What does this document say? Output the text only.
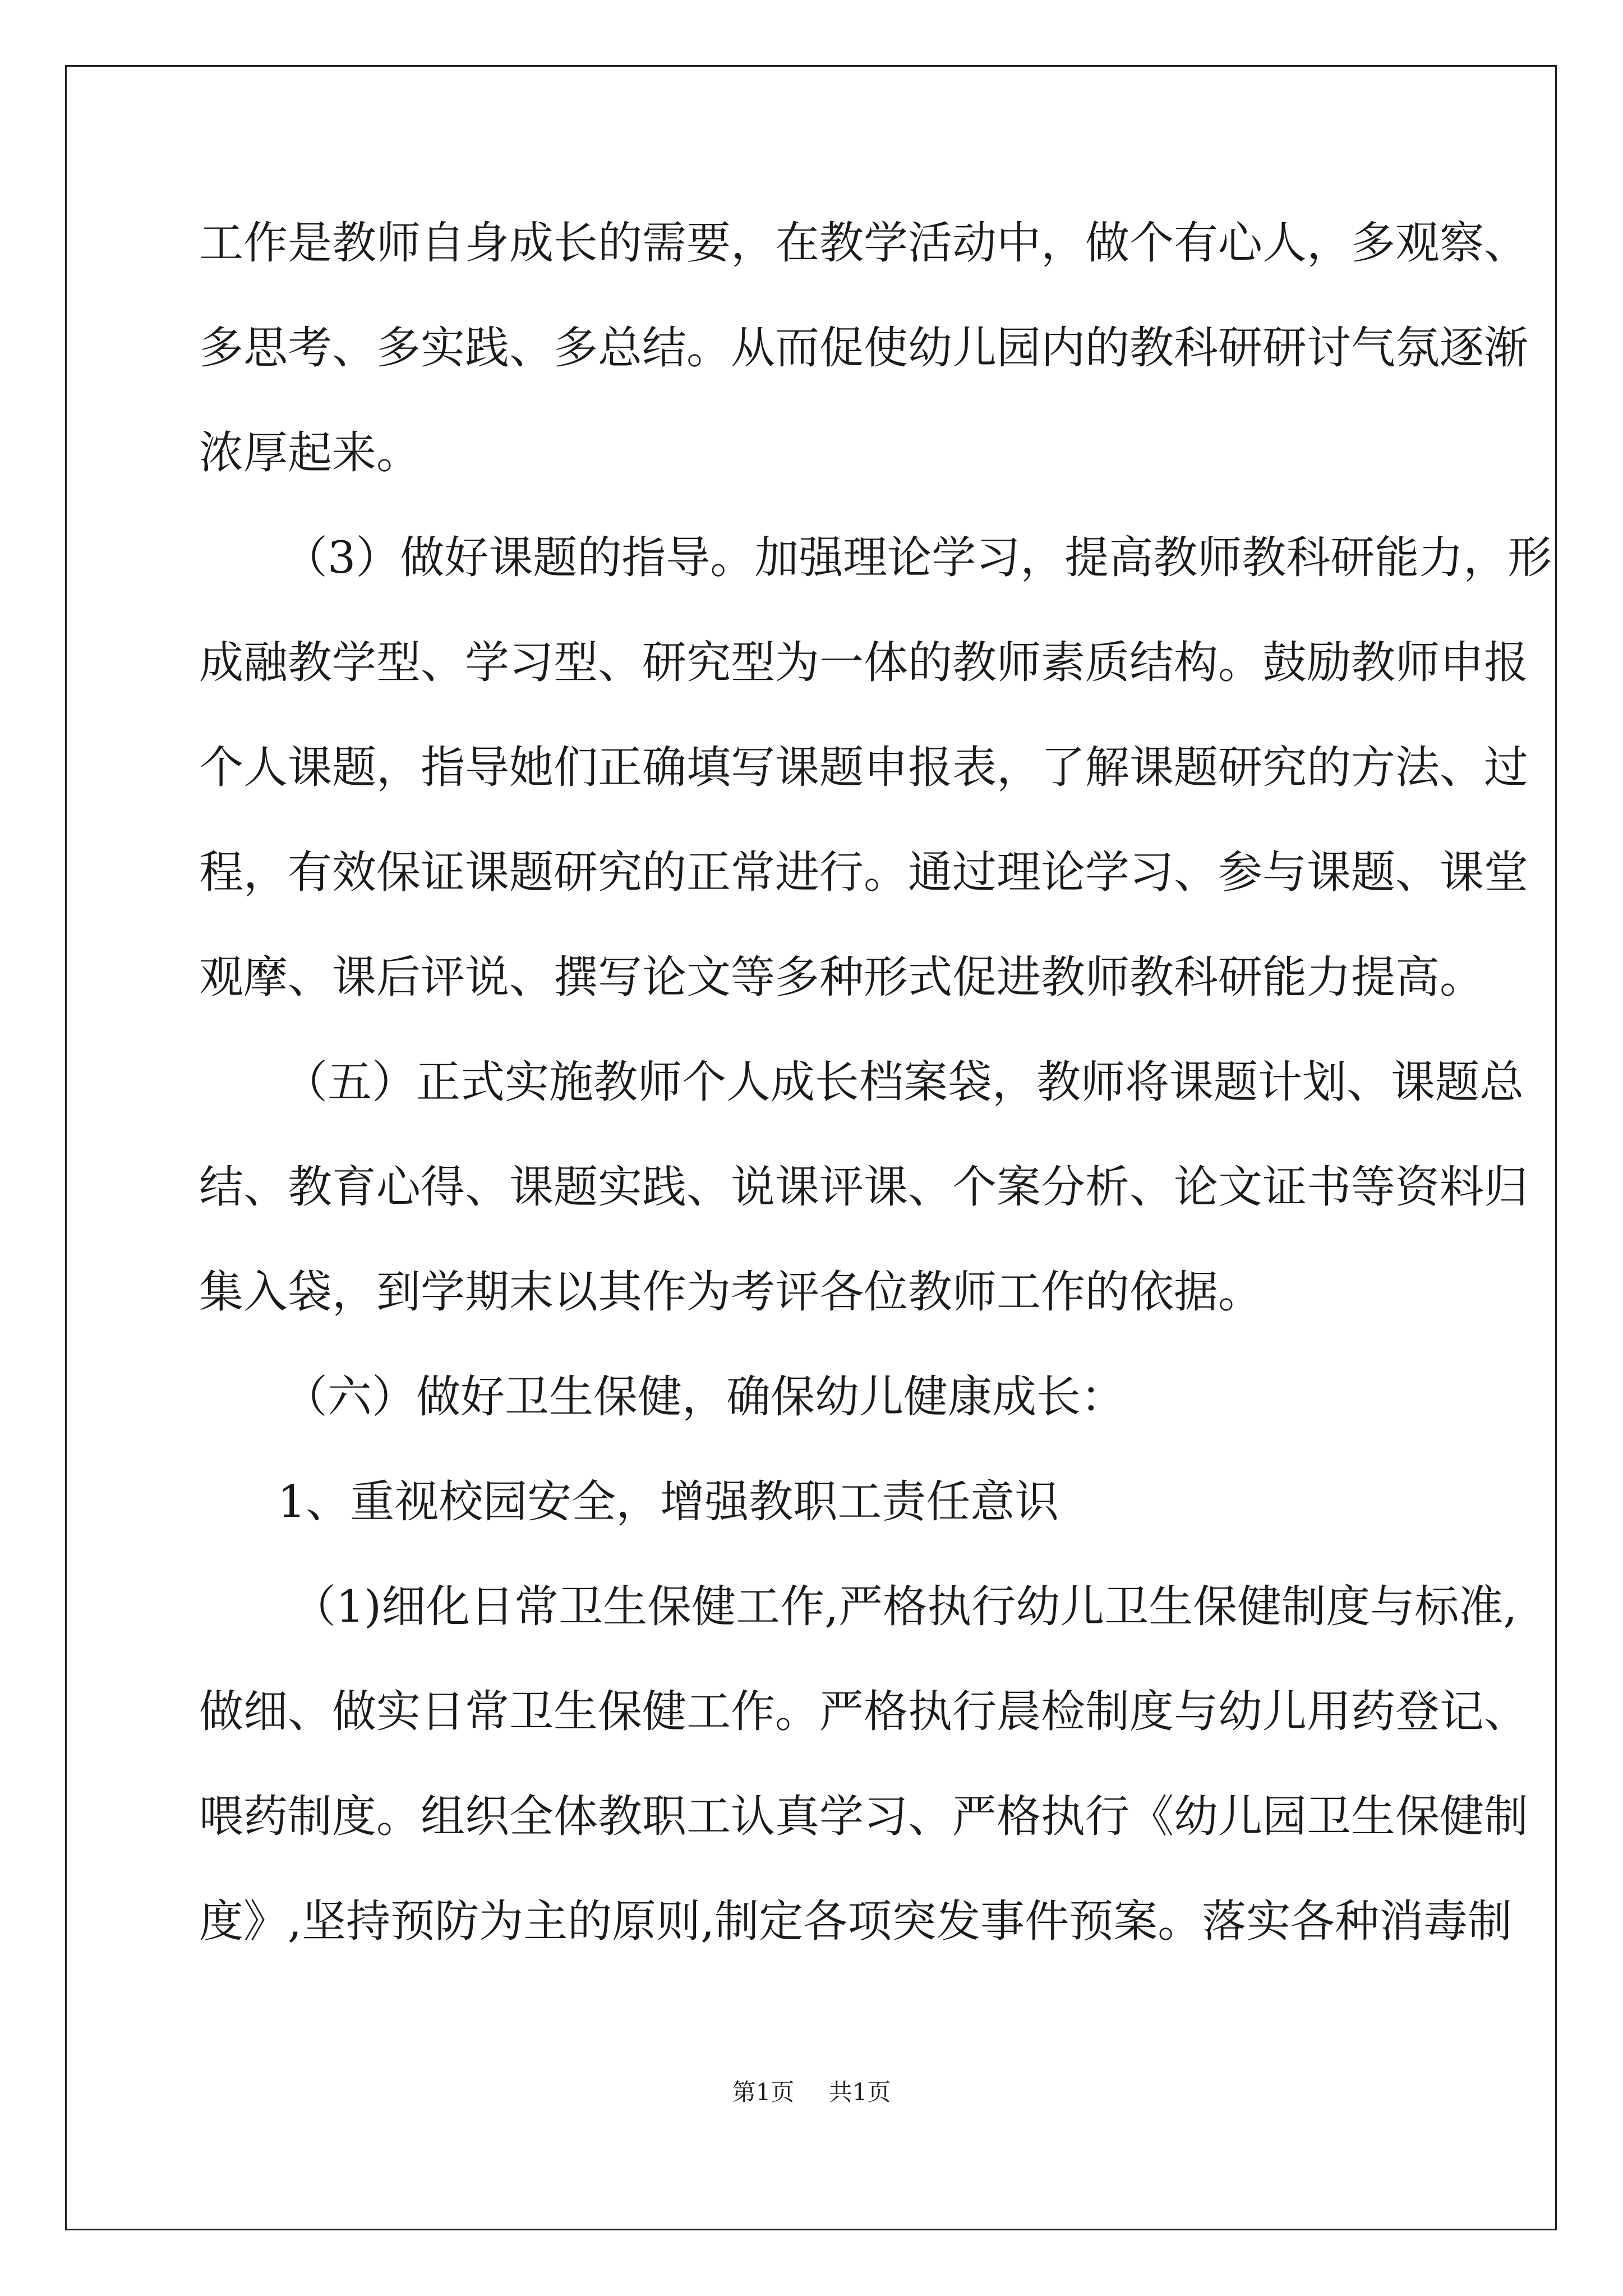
工作是教师自身成长的需要，在教学活动中，做个有心人，多观察、
多思考、多实践、多总结。从而促使幼儿园内的教科研研讨气氛逐渐
浓厚起来。
（3）做好课题的指导。加强理论学习，提高教师教科研能力，形
成融教学型、学习型、研究型为一体的教师素质结构。鼓励教师申报
个人课题，指导她们正确填写课题申报表，了解课题研究的方法、过
程，有效保证课题研究的正常进行。通过理论学习、参与课题、课堂
观摩、课后评说、撰写论文等多种形式促进教师教科研能力提高。
（五）正式实施教师个人成长档案袋，教师将课题计划、课题总
结、教育心得、课题实践、说课评课、个案分析、论文证书等资料归
集入袋，到学期末以其作为考评各位教师工作的依据。
（六）做好卫生保健，确保幼儿健康成长：
1、重视校园安全，增强教职工责任意识
（1)细化日常卫生保健工作,严格执行幼儿卫生保健制度与标准,
做细、做实日常卫生保健工作。严格执行晨检制度与幼儿用药登记、
喂药制度。组织全体教职工认真学习、严格执行《幼儿园卫生保健制
度》,坚持预防为主的原则,制定各项突发事件预案。落实各种消毒制
第1页 共1页
